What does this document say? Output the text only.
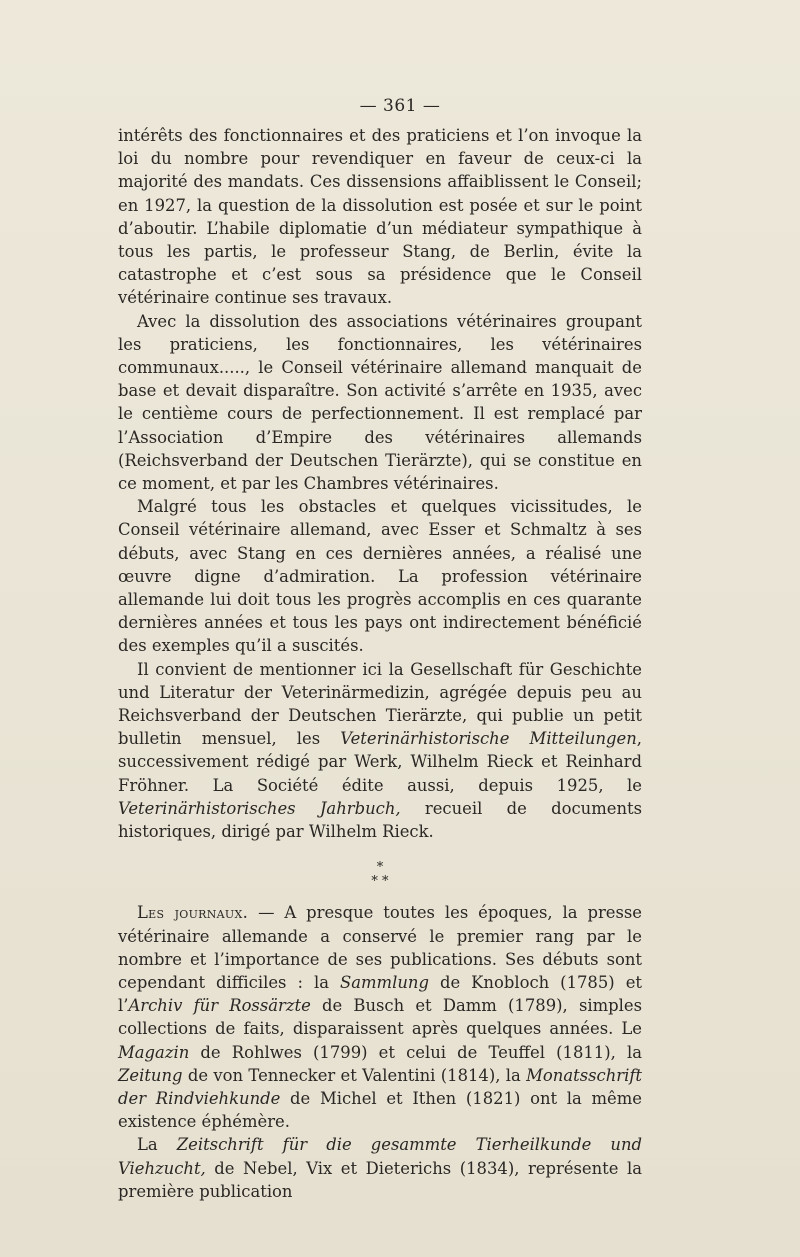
— 361 —

intérêts des fonctionnaires et des praticiens et l’on invoque la loi du nombre pour revendiquer en faveur de ceux-ci la majorité des mandats. Ces dissensions affaiblissent le Conseil; en 1927, la question de la dissolution est posée et sur le point d’aboutir. L’habile diplomatie d’un médiateur sympathique à tous les partis, le professeur Stang, de Berlin, évite la catastrophe et c’est sous sa présidence que le Conseil vétérinaire continue ses travaux.

Avec la dissolution des associations vétérinaires groupant les praticiens, les fonctionnaires, les vétérinaires communaux....., le Conseil vétérinaire allemand manquait de base et devait disparaître. Son activité s’arrête en 1935, avec le centième cours de perfectionnement. Il est remplacé par l’Association d’Empire des vétérinaires allemands (Reichsverband der Deutschen Tierärzte), qui se constitue en ce moment, et par les Chambres vétérinaires.

Malgré tous les obstacles et quelques vicissitudes, le Conseil vétérinaire allemand, avec Esser et Schmaltz à ses débuts, avec Stang en ces dernières années, a réalisé une œuvre digne d’admiration. La profession vétérinaire allemande lui doit tous les progrès accomplis en ces quarante dernières années et tous les pays ont indirectement bénéficié des exemples qu’il a suscités.

Il convient de mentionner ici la Gesellschaft für Geschichte und Literatur der Veterinärmedizin, agrégée depuis peu au Reichsverband der Deutschen Tierärzte, qui publie un petit bulletin mensuel, les Veterinärhistorische Mitteilungen, successivement rédigé par Werk, Wilhelm Rieck et Reinhard Fröhner. La Société édite aussi, depuis 1925, le Veterinärhistorisches Jahrbuch, recueil de documents historiques, dirigé par Wilhelm Rieck.

*
* *

Les journaux. — A presque toutes les époques, la presse vétérinaire allemande a conservé le premier rang par le nombre et l’importance de ses publications. Ses débuts sont cependant difficiles : la Sammlung de Knobloch (1785) et l’Archiv für Rossärzte de Busch et Damm (1789), simples collections de faits, disparaissent après quelques années. Le Magazin de Rohlwes (1799) et celui de Teuffel (1811), la Zeitung de von Tennecker et Valentini (1814), la Monatsschrift der Rindviehkunde de Michel et Ithen (1821) ont la même existence éphémère.

La Zeitschrift für die gesammte Tierheilkunde und Viehzucht, de Nebel, Vix et Dieterichs (1834), représente la première publication
